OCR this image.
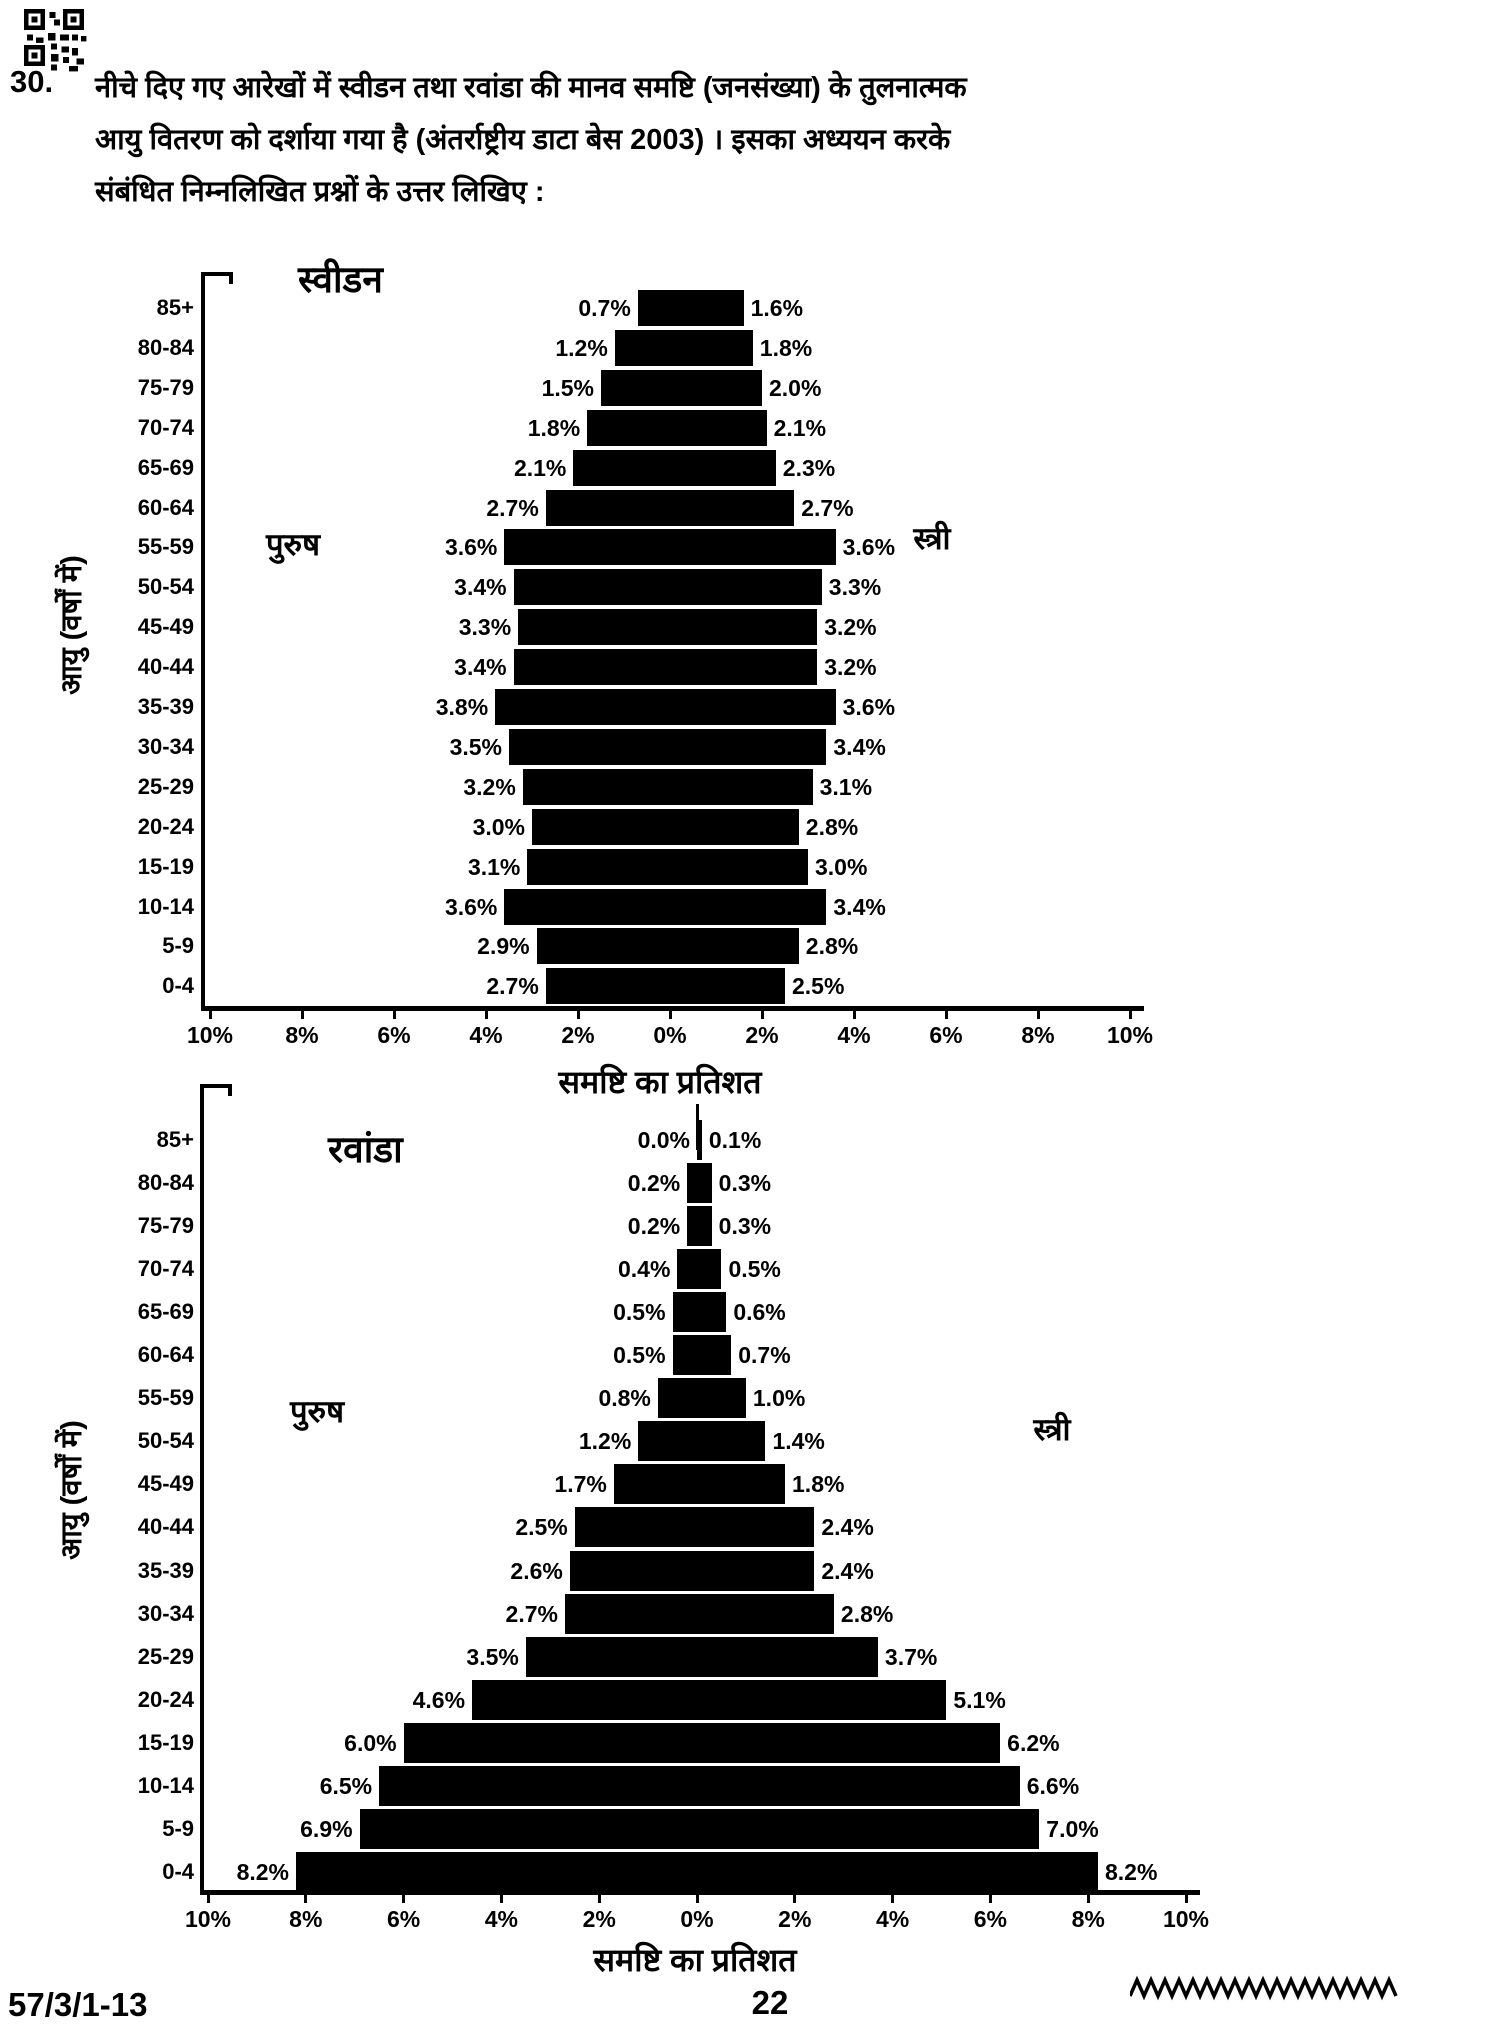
30. नीचे दिए गए आरेखों में स्वीडन तथा रवांडा की मानव समष्टि (जनसंख्या) के तुलनात्मक
आयु वितरण को दर्शाया गया है (अंतर्राष्ट्रीय डाटा बेस 2003) । इसका अध्ययन करके
संबंधित निम्नलिखित प्रश्नों के उत्तर लिखिए :
स्वीडन
पुरुष	स्त्री
समष्टि का प्रतिशत
आयु (वर्षों में)
85+	0.7%	1.6%
80-84	1.2%	1.8%
75-79	1.5%	2.0%
70-74	1.8%	2.1%
65-69	2.1%	2.3%
60-64	2.7%	2.7%
55-59	3.6%	3.6%
50-54	3.4%	3.3%
45-49	3.3%	3.2%
40-44	3.4%	3.2%
35-39	3.8%	3.6%
30-34	3.5%	3.4%
25-29	3.2%	3.1%
20-24	3.0%	2.8%
15-19	3.1%	3.0%
10-14	3.6%	3.4%
5-9	2.9%	2.8%
0-4	2.7%	2.5%
10%	8%	6%	4%	2%	0%	2%	4%	6%	8%	10%
रवांडा
पुरुष
स्त्री
समष्टि का प्रतिशत
आयु (वर्षों में)
85+	0.0% 0.1%
80-84	0.2% 0.3%
75-79	0.2% 0.3%
70-74	0.4%	0.5%
65-69	0.5%	0.6%
60-64	0.5%	0.7%
55-59	0.8%	1.0%
50-54	1.2%	1.4%
45-49	1.7%	1.8%
40-44	2.5%	2.4%
35-39	2.6%	2.4%
30-34	2.7%	2.8%
25-29	3.5%	3.7%
20-24	4.6%	5.1%
15-19	6.0%	6.2%
10-14	6.5%	6.6%
5-9	6.9%	7.0%
0-4	8.2%	8.2%
10%	8%	6%	4%	2%	0%	2%	4%	6%	8%	10%
57/3/1-13	22
